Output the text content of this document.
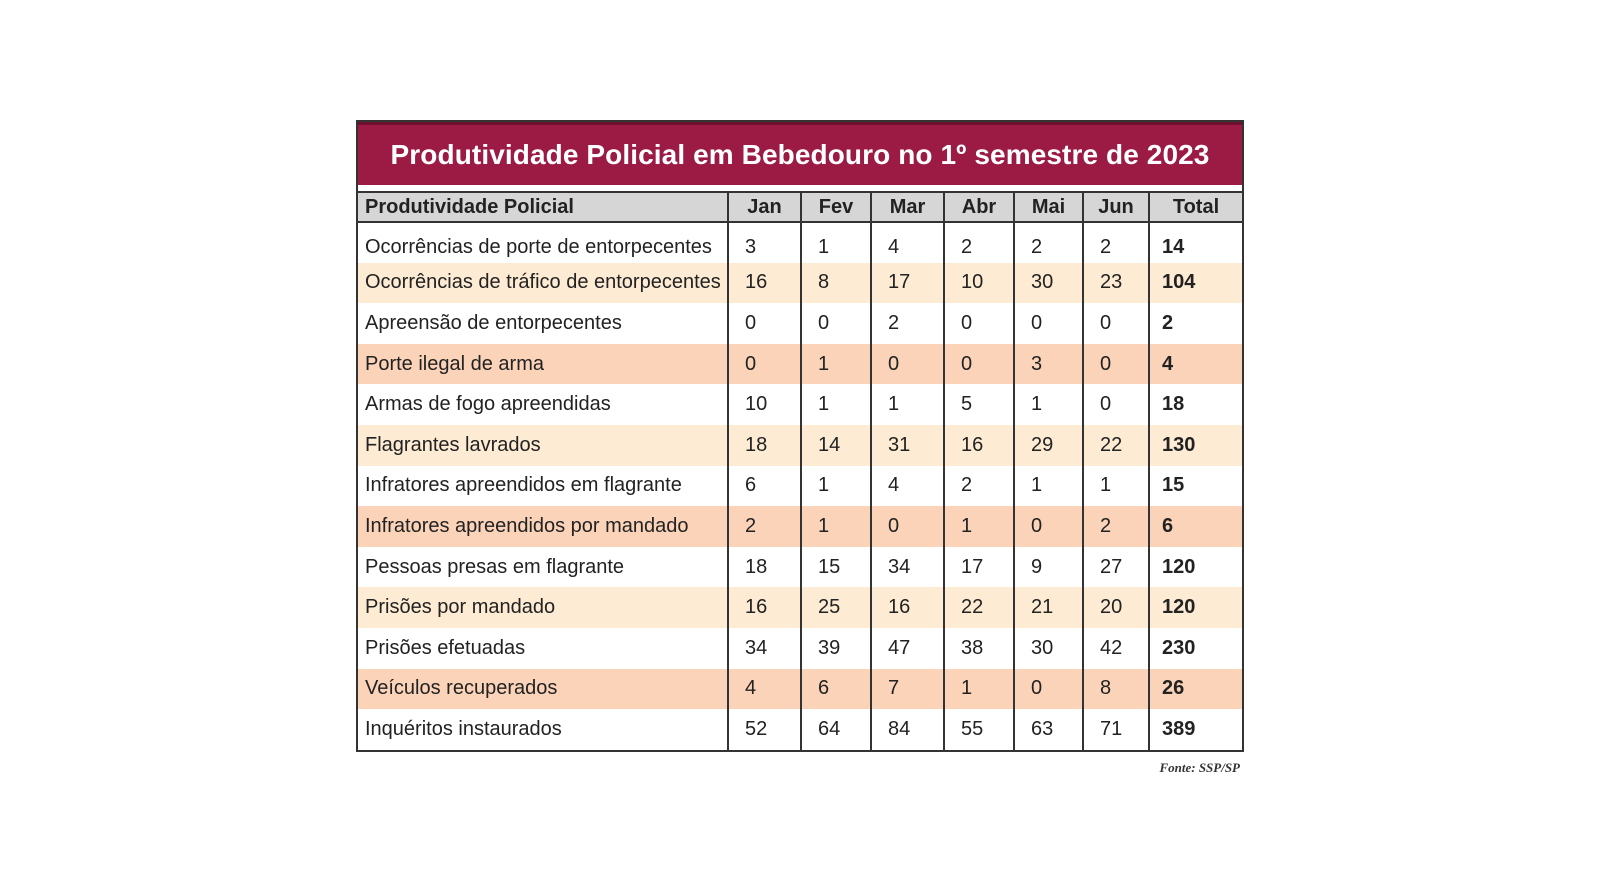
Produtividade Policial em Bebedouro no 1º semestre de 2023
Produtividade Policial	Jan	Fev	Mar	Abr	Mai	Jun	Total
Ocorrências de porte de entorpecentes	3	1	4	2	2	2	14
Ocorrências de tráfico de entorpecentes	16	8	17	10	30	23	104
Apreensão de entorpecentes	0	0	2	0	0	0	2
Porte ilegal de arma	0	1	0	0	3	0	4
Armas de fogo apreendidas	10	1	1	5	1	0	18
Flagrantes lavrados	18	14	31	16	29	22	130
Infratores apreendidos em flagrante	6	1	4	2	1	1	15
Infratores apreendidos por mandado	2	1	0	1	0	2	6
Pessoas presas em flagrante	18	15	34	17	9	27	120
Prisões por mandado	16	25	16	22	21	20	120
Prisões efetuadas	34	39	47	38	30	42	230
Veículos recuperados	4	6	7	1	0	8	26
Inquéritos instaurados	52	64	84	55	63	71	389
Fonte: SSP/SP
